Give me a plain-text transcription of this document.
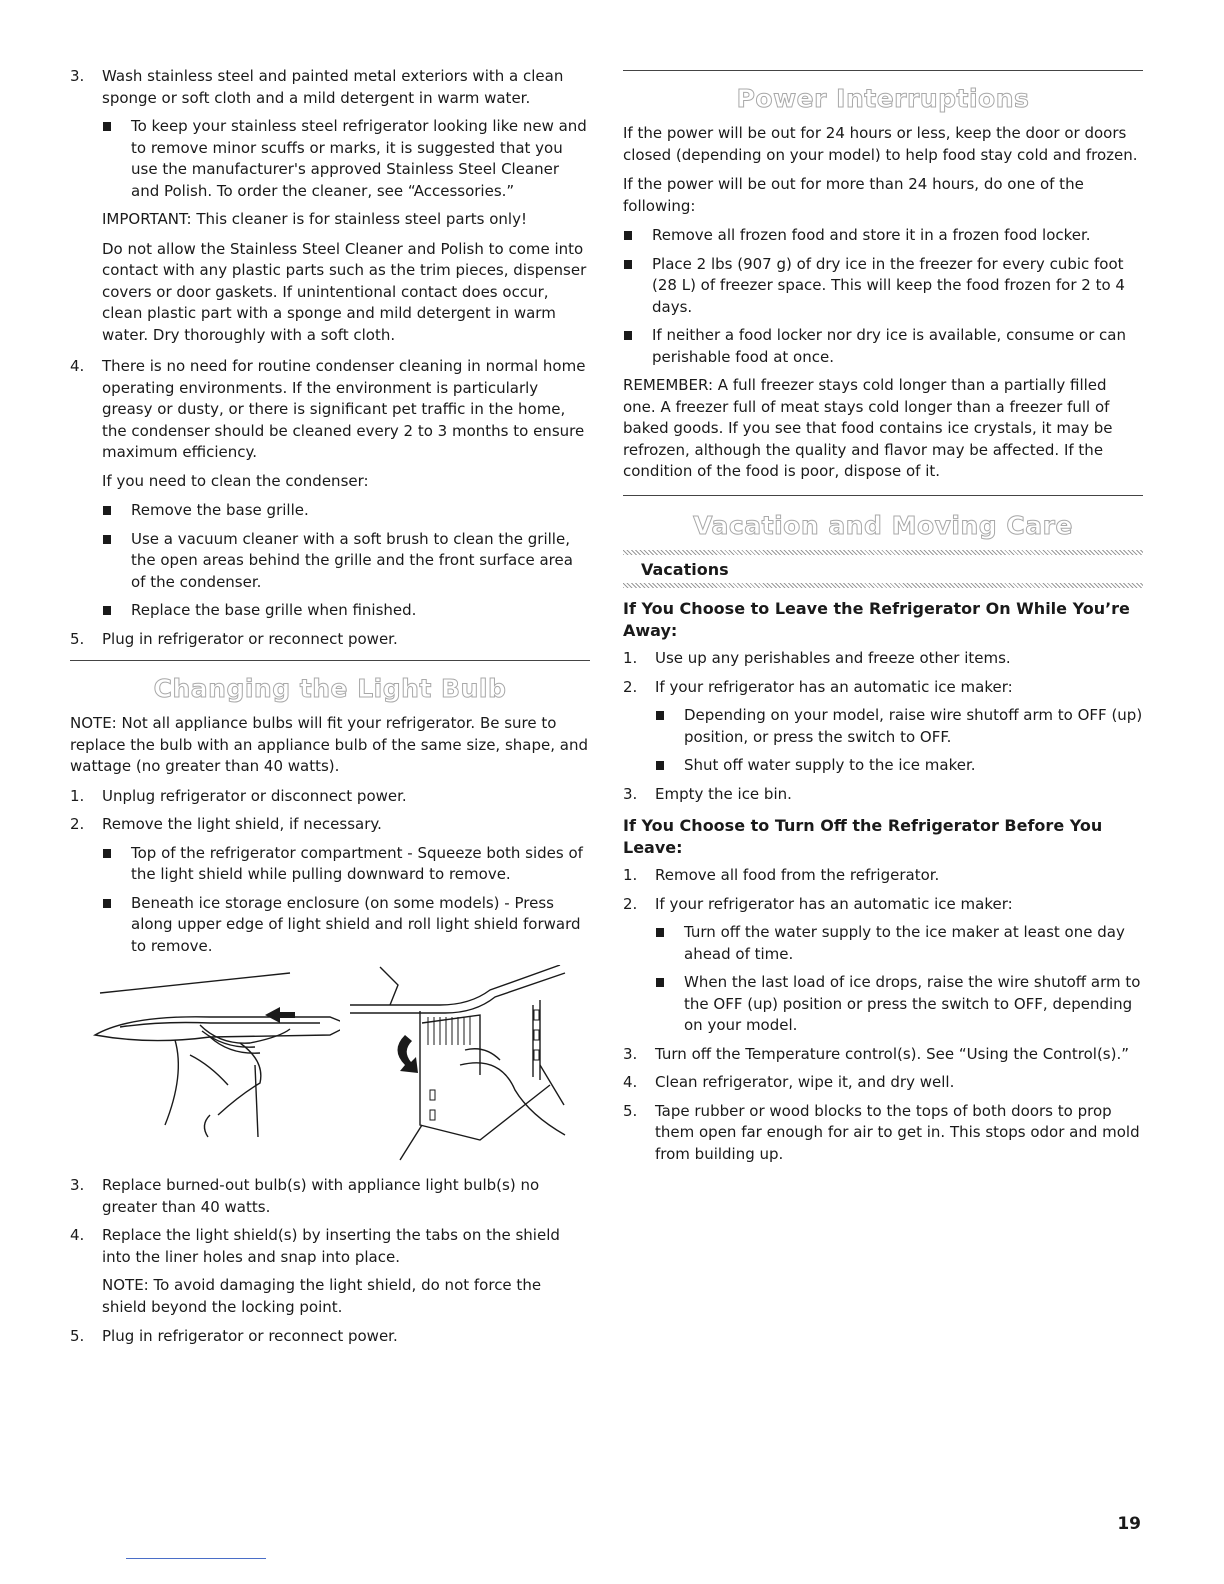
3. Wash stainless steel and painted metal exteriors with a clean sponge or soft cloth and a mild detergent in warm water.
To keep your stainless steel refrigerator looking like new and to remove minor scuffs or marks, it is suggested that you use the manufacturer's approved Stainless Steel Cleaner and Polish. To order the cleaner, see “Accessories.”

IMPORTANT: This cleaner is for stainless steel parts only!

Do not allow the Stainless Steel Cleaner and Polish to come into contact with any plastic parts such as the trim pieces, dispenser covers or door gaskets. If unintentional contact does occur, clean plastic part with a sponge and mild detergent in warm water. Dry thoroughly with a soft cloth.

4. There is no need for routine condenser cleaning in normal home operating environments. If the environment is particularly greasy or dusty, or there is significant pet traffic in the home, the condenser should be cleaned every 2 to 3 months to ensure maximum efficiency.

If you need to clean the condenser:

Remove the base grille.
Use a vacuum cleaner with a soft brush to clean the grille, the open areas behind the grille and the front surface area of the condenser.
Replace the base grille when finished.
5. Plug in refrigerator or reconnect power.
Changing the Light Bulb

NOTE: Not all appliance bulbs will fit your refrigerator. Be sure to replace the bulb with an appliance bulb of the same size, shape, and wattage (no greater than 40 watts).

1. Unplug refrigerator or disconnect power.
2. Remove the light shield, if necessary.
Top of the refrigerator compartment - Squeeze both sides of the light shield while pulling downward to remove.
Beneath ice storage enclosure (on some models) - Press along upper edge of light shield and roll light shield forward to remove.
3. Replace burned-out bulb(s) with appliance light bulb(s) no greater than 40 watts.
4. Replace the light shield(s) by inserting the tabs on the shield into the liner holes and snap into place.

NOTE: To avoid damaging the light shield, do not force the shield beyond the locking point.

5. Plug in refrigerator or reconnect power.
Power Interruptions

If the power will be out for 24 hours or less, keep the door or doors closed (depending on your model) to help food stay cold and frozen.

If the power will be out for more than 24 hours, do one of the following:

Remove all frozen food and store it in a frozen food locker.
Place 2 lbs (907 g) of dry ice in the freezer for every cubic foot (28 L) of freezer space. This will keep the food frozen for 2 to 4 days.
If neither a food locker nor dry ice is available, consume or can perishable food at once.

REMEMBER: A full freezer stays cold longer than a partially filled one. A freezer full of meat stays cold longer than a freezer full of baked goods. If you see that food contains ice crystals, it may be refrozen, although the quality and flavor may be affected. If the condition of the food is poor, dispose of it.

Vacation and Moving Care
Vacations
If You Choose to Leave the Refrigerator On While You’re Away:
1. Use up any perishables and freeze other items.
2. If your refrigerator has an automatic ice maker:
Depending on your model, raise wire shutoff arm to OFF (up) position, or press the switch to OFF.
Shut off water supply to the ice maker.
3. Empty the ice bin.
If You Choose to Turn Off the Refrigerator Before You Leave:
1. Remove all food from the refrigerator.
2. If your refrigerator has an automatic ice maker:
Turn off the water supply to the ice maker at least one day ahead of time.
When the last load of ice drops, raise the wire shutoff arm to the OFF (up) position or press the switch to OFF, depending on your model.
3. Turn off the Temperature control(s). See “Using the Control(s).”
4. Clean refrigerator, wipe it, and dry well.
5. Tape rubber or wood blocks to the tops of both doors to prop them open far enough for air to get in. This stops odor and mold from building up.
19
